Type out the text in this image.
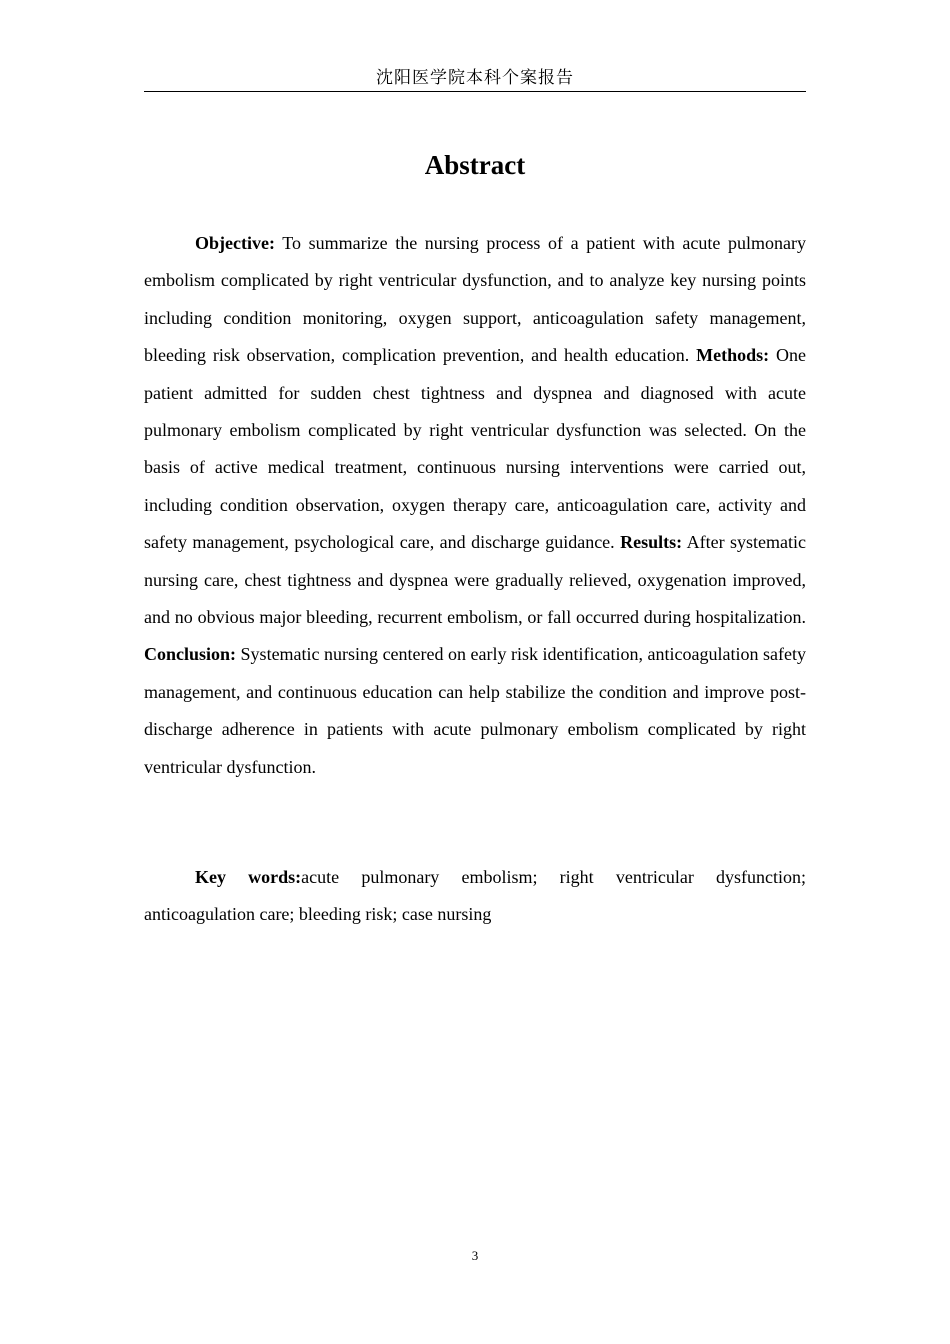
沈阳医学院本科个案报告
Abstract

Objective: To summarize the nursing process of a patient with acute pulmonary embolism complicated by right ventricular dysfunction, and to analyze key nursing points including condition monitoring, oxygen support, anticoagulation safety management, bleeding risk observation, complication prevention, and health education. Methods: One patient admitted for sudden chest tightness and dyspnea and diagnosed with acute pulmonary embolism complicated by right ventricular dysfunction was selected. On the basis of active medical treatment, continuous nursing interventions were carried out, including condition observation, oxygen therapy care, anticoagulation care, activity and safety management, psychological care, and discharge guidance. Results: After systematic nursing care, chest tightness and dyspnea were gradually relieved, oxygenation improved, and no obvious major bleeding, recurrent embolism, or fall occurred during hospitalization. Conclusion: Systematic nursing centered on early risk identification, anticoagulation safety management, and continuous education can help stabilize the condition and improve post-discharge adherence in patients with acute pulmonary embolism complicated by right ventricular dysfunction.

Key words:acute pulmonary embolism; right ventricular dysfunction; anticoagulation care; bleeding risk; case nursing

3
